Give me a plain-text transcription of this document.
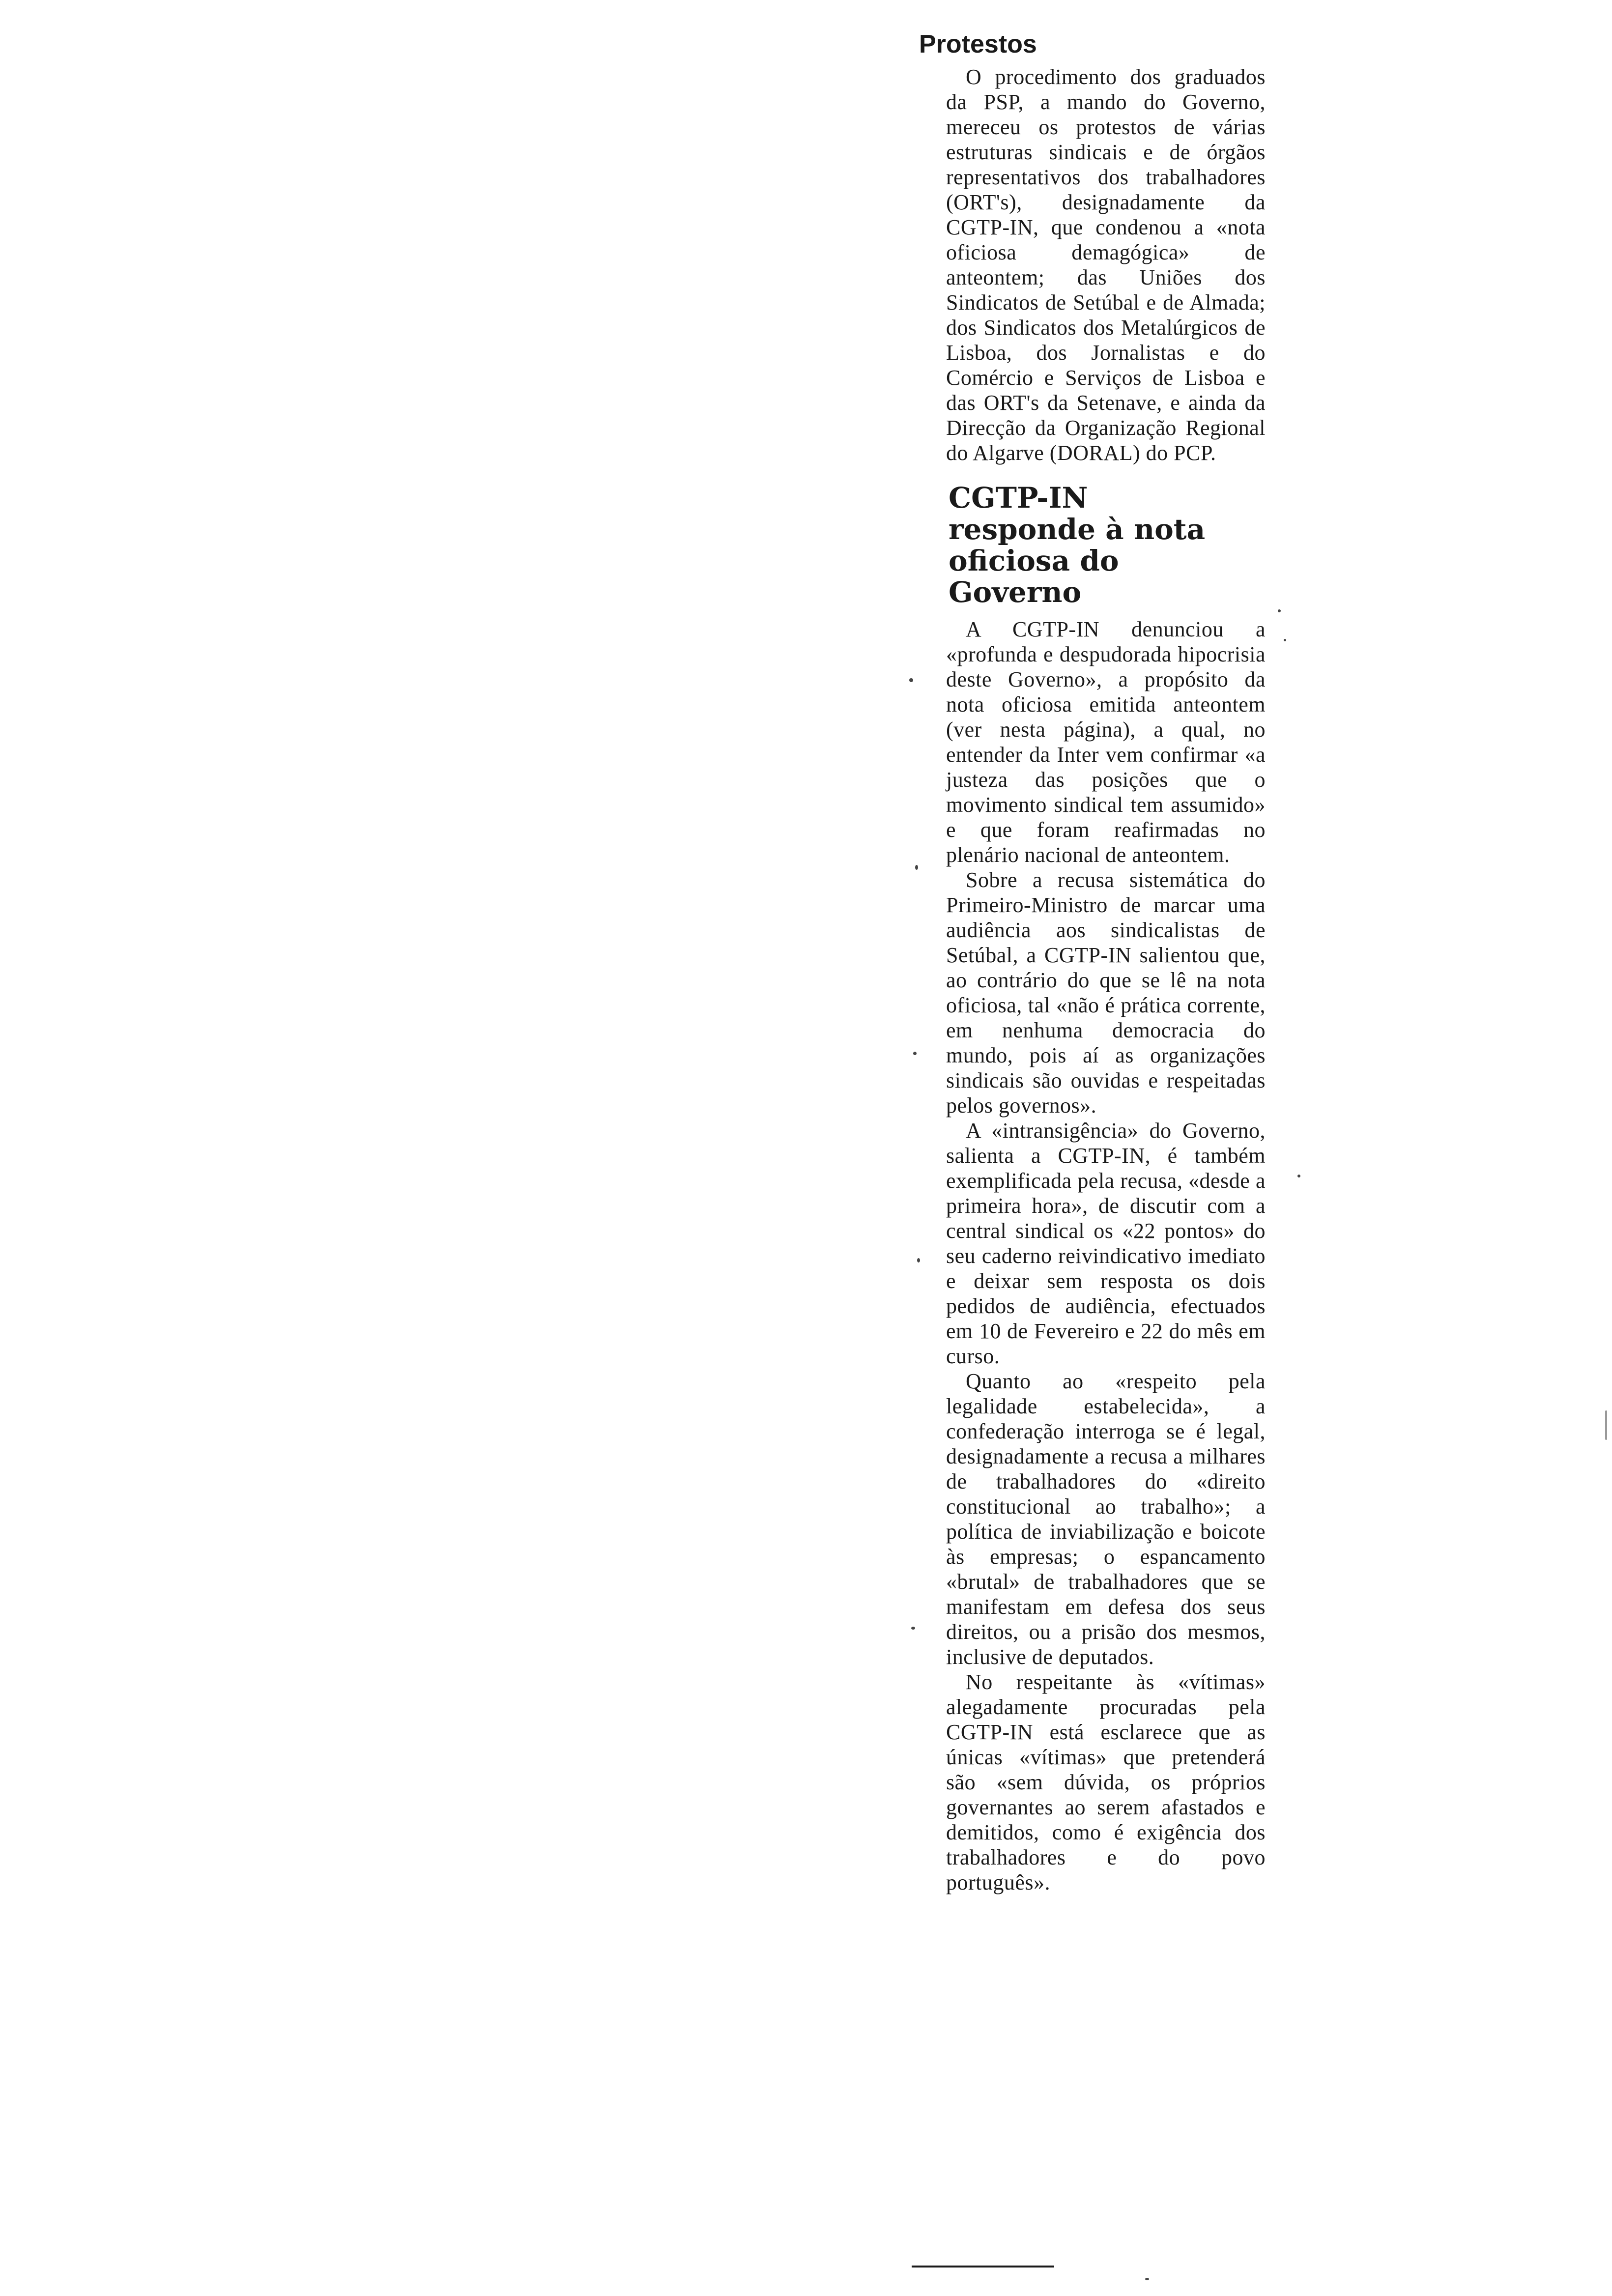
Protestos

O procedimento dos graduados da PSP, a mando do Governo, mereceu os protestos de várias estruturas sindicais e de órgãos representativos dos trabalhadores (ORT's), designadamente da CGTP-IN, que condenou a «nota oficiosa demagógica» de anteontem; das Uniões dos Sindicatos de Setúbal e de Almada; dos Sindicatos dos Metalúrgicos de Lisboa, dos Jornalistas e do Comércio e Serviços de Lisboa e das ORT's da Setenave, e ainda da Direcção da Organização Regional do Algarve (DORAL) do PCP.

CGTP-IN responde à nota oficiosa do Governo

A CGTP-IN denunciou a «profunda e despudorada hipocrisia deste Governo», a propósito da nota oficiosa emitida anteontem (ver nesta página), a qual, no entender da Inter vem confirmar «a justeza das posições que o movimento sindical tem assumido» e que foram reafirmadas no plenário nacional de anteontem.

Sobre a recusa sistemática do Primeiro-Ministro de marcar uma audiência aos sindicalistas de Setúbal, a CGTP-IN salientou que, ao contrário do que se lê na nota oficiosa, tal «não é prática corrente, em nenhuma democracia do mundo, pois aí as organizações sindicais são ouvidas e respeitadas pelos governos».

A «intransigência» do Governo, salienta a CGTP-IN, é também exemplificada pela recusa, «desde a primeira hora», de discutir com a central sindical os «22 pontos» do seu caderno reivindicativo imediato e deixar sem resposta os dois pedidos de audiência, efectuados em 10 de Fevereiro e 22 do mês em curso.

Quanto ao «respeito pela legalidade estabelecida», a confederação interroga se é legal, designadamente a recusa a milhares de trabalhadores do «direito constitucional ao trabalho»; a política de inviabilização e boicote às empresas; o espancamento «brutal» de trabalhadores que se manifestam em defesa dos seus direitos, ou a prisão dos mesmos, inclusive de deputados.

No respeitante às «vítimas» alegadamente procuradas pela CGTP-IN está esclarece que as únicas «vítimas» que pretenderá são «sem dúvida, os próprios governantes ao serem afastados e demitidos, como é exigência dos trabalhadores e do povo português».
